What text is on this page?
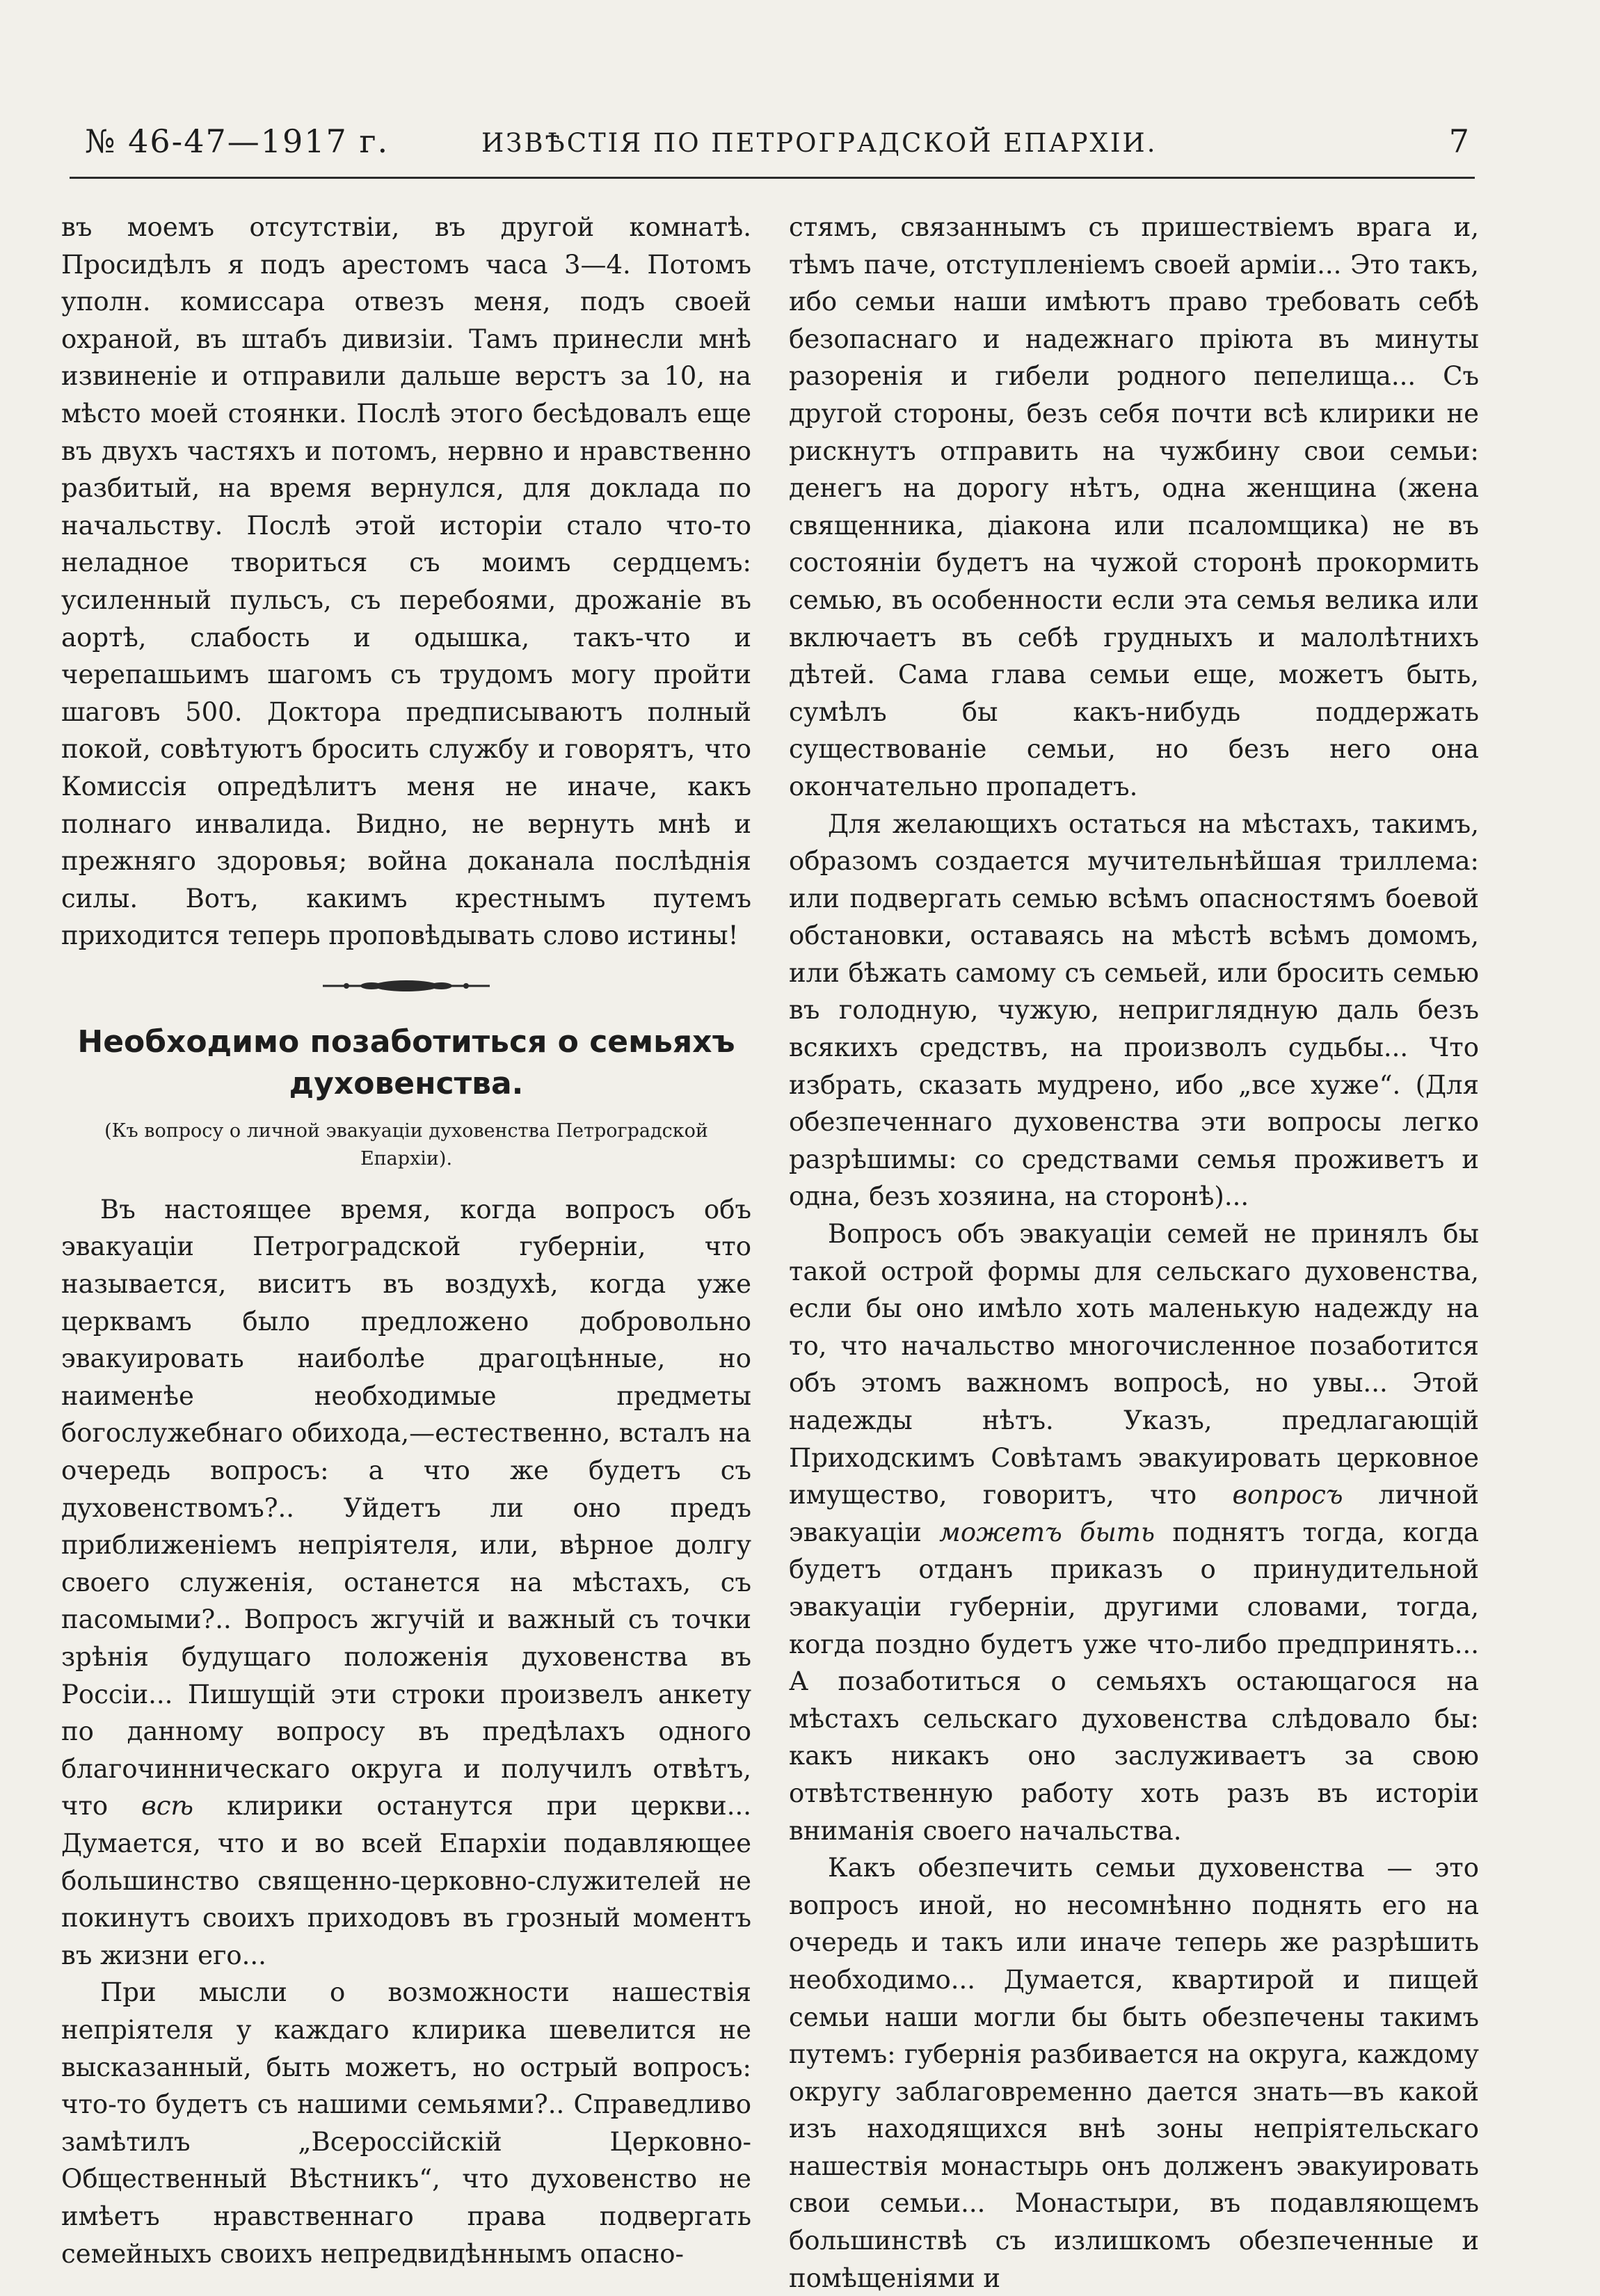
№ 46-47—1917 г.	ИЗВѢСТІЯ ПО ПЕТРОГРАДСКОЙ ЕПАРХІИ.	7

въ моемъ отсутствіи, въ другой комнатѣ. Просидѣлъ я подъ арестомъ часа 3—4. Потомъ уполн. комиссара отвезъ меня, подъ своей охраной, въ штабъ дивизіи. Тамъ принесли мнѣ извиненіе и отправили дальше верстъ за 10, на мѣсто моей стоянки. Послѣ этого бесѣдовалъ еще въ двухъ частяхъ и потомъ, нервно и нравственно разбитый, на время вернулся, для доклада по начальству. Послѣ этой исторіи стало что-то неладное твориться съ моимъ сердцемъ: усиленный пульсъ, съ перебоями, дрожаніе въ аортѣ, слабость и одышка, такъ-что и черепашьимъ шагомъ съ трудомъ могу пройти шаговъ 500. Доктора предписываютъ полный покой, совѣтуютъ бросить службу и говорятъ, что Комиссія опредѣлитъ меня не иначе, какъ полнаго инвалида. Видно, не вернуть мнѣ и прежняго здоровья; война доканала послѣднія силы. Вотъ, какимъ крестнымъ путемъ приходится теперь проповѣдывать слово истины!

Необходимо позаботиться о семьяхъ духовенства.
(Къ вопросу о личной эвакуаціи духовенства Петроградской Епархіи).

Въ настоящее время, когда вопросъ объ эвакуаціи Петроградской губерніи, что называется, виситъ въ воздухѣ, когда уже церквамъ было предложено добровольно эвакуировать наиболѣе драгоцѣнные, но наименѣе необходимые предметы богослужебнаго обихода,—естественно, всталъ на очередь вопросъ: а что же будетъ съ духовенствомъ?.. Уйдетъ ли оно предъ приближеніемъ непріятеля, или, вѣрное долгу своего служенія, останется на мѣстахъ, съ пасомыми?.. Вопросъ жгучій и важный съ точки зрѣнія будущаго положенія духовенства въ Россіи... Пишущій эти строки произвелъ анкету по данному вопросу въ предѣлахъ одного благочинническаго округа и получилъ отвѣтъ, что всѣ клирики останутся при церкви... Думается, что и во всей Епархіи подавляющее большинство священно-церковно-служителей не покинутъ своихъ приходовъ въ грозный моментъ въ жизни его...

При мысли о возможности нашествія непріятеля у каждаго клирика шевелится не высказанный, быть можетъ, но острый вопросъ: что-то будетъ съ нашими семьями?.. Справедливо замѣтилъ „Всероссійскій Церковно-Общественный Вѣстникъ“, что духовенство не имѣетъ нравственнаго права подвергать семейныхъ своихъ непредвидѣннымъ опасно-

стямъ, связаннымъ съ пришествіемъ врага и, тѣмъ паче, отступленіемъ своей арміи... Это такъ, ибо семьи наши имѣютъ право требовать себѣ безопаснаго и надежнаго пріюта въ минуты разоренія и гибели родного пепелища... Съ другой стороны, безъ себя почти всѣ клирики не рискнутъ отправить на чужбину свои семьи: денегъ на дорогу нѣтъ, одна женщина (жена священника, діакона или псаломщика) не въ состояніи будетъ на чужой сторонѣ прокормить семью, въ особенности если эта семья велика или включаетъ въ себѣ грудныхъ и малолѣтнихъ дѣтей. Сама глава семьи еще, можетъ быть, сумѣлъ бы какъ-нибудь поддержать существованіе семьи, но безъ него она окончательно пропадетъ.

Для желающихъ остаться на мѣстахъ, такимъ, образомъ создается мучительнѣйшая триллема: или подвергать семью всѣмъ опасностямъ боевой обстановки, оставаясь на мѣстѣ всѣмъ домомъ, или бѣжать самому съ семьей, или бросить семью въ голодную, чужую, неприглядную даль безъ всякихъ средствъ, на произволъ судьбы... Что избрать, сказать мудрено, ибо „все хуже“. (Для обезпеченнаго духовенства эти вопросы легко разрѣшимы: со средствами семья проживетъ и одна, безъ хозяина, на сторонѣ)...

Вопросъ объ эвакуаціи семей не принялъ бы такой острой формы для сельскаго духовенства, если бы оно имѣло хоть маленькую надежду на то, что начальство многочисленное позаботится объ этомъ важномъ вопросѣ, но увы... Этой надежды нѣтъ. Указъ, предлагающій Приходскимъ Совѣтамъ эвакуировать церковное имущество, говоритъ, что вопросъ личной эвакуаціи можетъ быть поднятъ тогда, когда будетъ отданъ приказъ о принудительной эвакуаціи губерніи, другими словами, тогда, когда поздно будетъ уже что-либо предпринять... А позаботиться о семьяхъ остающагося на мѣстахъ сельскаго духовенства слѣдовало бы: какъ никакъ оно заслуживаетъ за свою отвѣтственную работу хоть разъ въ исторіи вниманія своего начальства.

Какъ обезпечить семьи духовенства — это вопросъ иной, но несомнѣнно поднять его на очередь и такъ или иначе теперь же разрѣшить необходимо... Думается, квартирой и пищей семьи наши могли бы быть обезпечены такимъ путемъ: губернія разбивается на округа, каждому округу заблаговременно дается знать—въ какой изъ находящихся внѣ зоны непріятельскаго нашествія монастырь онъ долженъ эвакуировать свои семьи... Монастыри, въ подавляющемъ большинствѣ съ излишкомъ обезпеченные и помѣщеніями и
